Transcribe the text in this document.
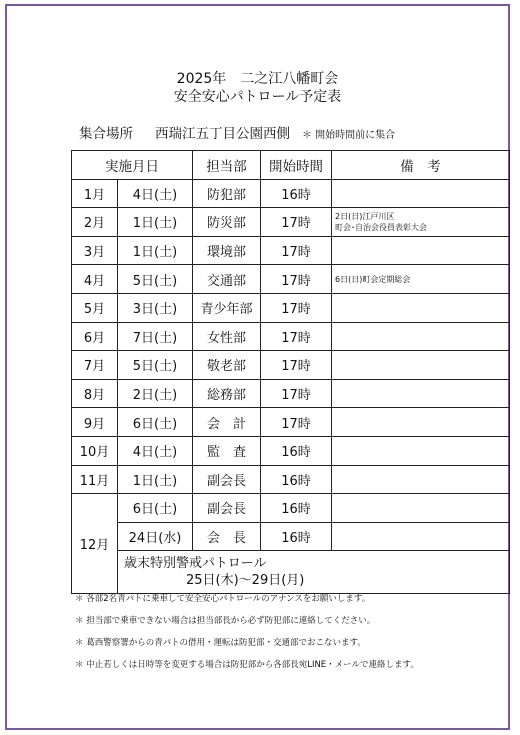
2025年　二之江八幡町会
安全安心パトロール予定表
集合場所 西瑞江五丁目公園西側 ＊ 開始時間前に集合
実施月日		担当部	開始時間	備　考
1月	4日(土)	防犯部	16時	
2月	1日(土)	防災部	17時	2日(日)江戸川区
町会･自治会役員表彰大会
3月	1日(土)	環境部	17時	
4月	5日(土)	交通部	17時	6日(日)町会定期総会
5月	3日(土)	青少年部	17時	
6月	7日(土)	女性部	17時	
7月	5日(土)	敬老部	17時	
8月	2日(土)	総務部	17時	
9月	6日(土)	会　計	17時	
10月	4日(土)	監　査	16時	
11月	1日(土)	副会長	16時	
12月	6日(土)	副会長	16時	
	24日(水)	会　長	16時	
	歳末特別警戒パトロール
25日(木)～29日(月)			
＊ 各部2名青パトに乗車して安全安心パトロールのアナンスをお願いします。
＊ 担当部で乗車できない場合は担当部長から必ず防犯部に連絡してください。
＊ 葛西警察署からの青パトの借用・運転は防犯部・交通部でおこないます。
＊ 中止若しくは日時等を変更する場合は防犯部から各部長宛LINE・メールで連絡します。
